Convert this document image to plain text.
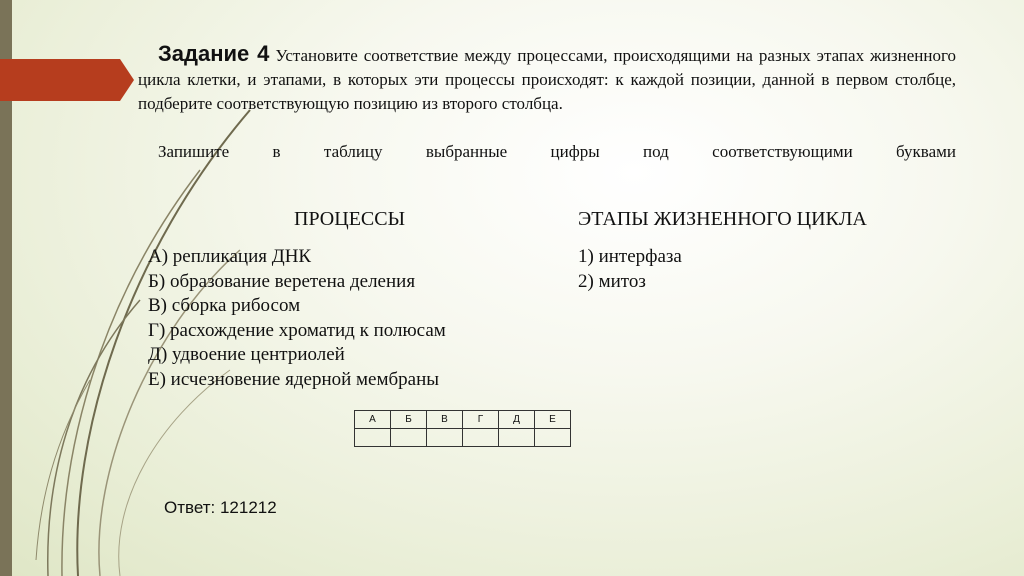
Задание 4 Установите соответствие между процессами, происходящими на разных этапах жизненного цикла клетки, и этапами, в которых эти процессы происходят: к каждой позиции, данной в первом столбце, подберите соответствующую позицию из второго столбца.
Запишите в таблицу выбранные цифры под соответствующими буквами
ПРОЦЕССЫ	ЭТАПЫ ЖИЗНЕННОГО ЦИКЛА
А) репликация ДНК
Б) образование веретена деления
В) сборка рибосом
Г) расхождение хроматид к полюсам
Д) удвоение центриолей
Е) исчезновение ядерной мембраны
1) интерфаза
2) митоз
А	Б	В	Г	Д	Е

Ответ: 121212
